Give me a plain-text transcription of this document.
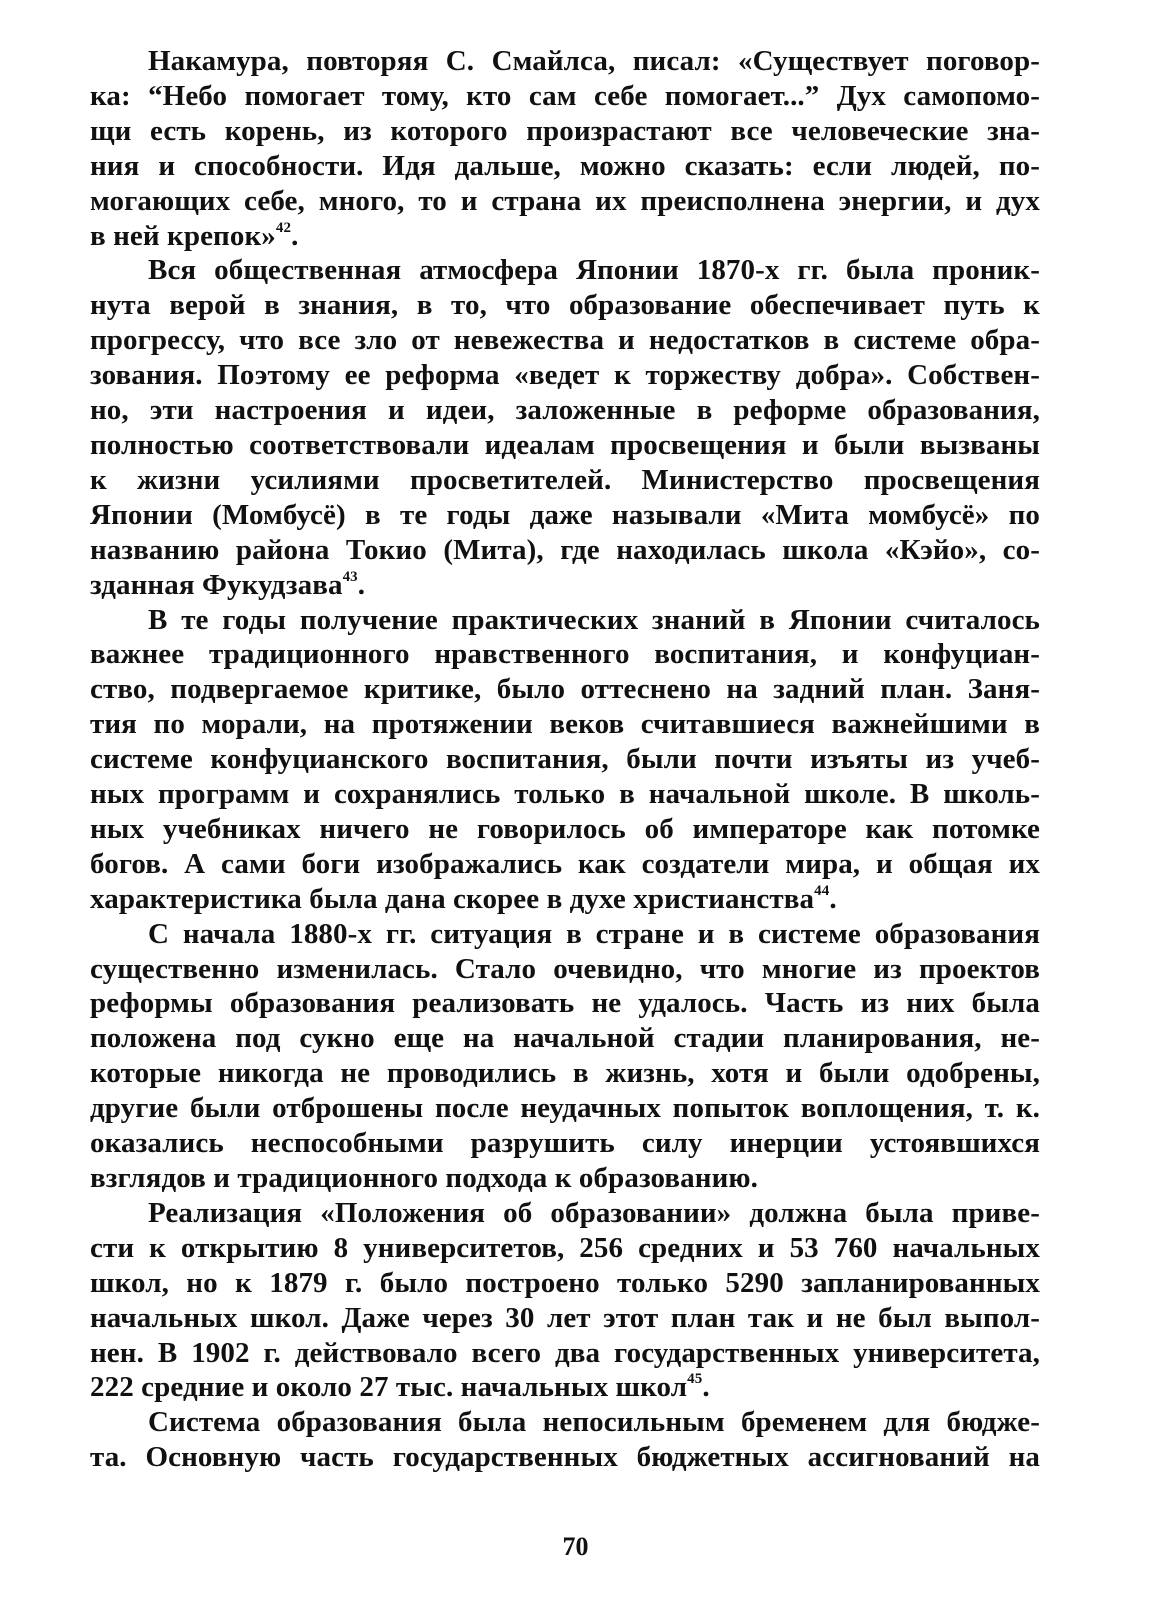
Накамура, повторяя С. Смайлса, писал: «Существует поговор-
ка: “Небо помогает тому, кто сам себе помогает...” Дух самопомо-
щи есть корень, из которого произрастают все человеческие зна-
ния и способности. Идя дальше, можно сказать: если людей, по-
могающих себе, много, то и страна их преисполнена энергии, и дух
в ней крепок»$^{42}$.
Вся общественная атмосфера Японии 1870-х гг. была проник-
нута верой в знания, в то, что образование обеспечивает путь к
прогрессу, что все зло от невежества и недостатков в системе обра-
зования. Поэтому ее реформа «ведет к торжеству добра». Собствен-
но, эти настроения и идеи, заложенные в реформе образования,
полностью соответствовали идеалам просвещения и были вызваны
к жизни усилиями просветителей. Министерство просвещения
Японии (Момбусё) в те годы даже называли «Мита момбусё» по
названию района Токио (Мита), где находилась школа «Кэйо», со-
зданная Фукудзава$^{43}$.
В те годы получение практических знаний в Японии считалось
важнее традиционного нравственного воспитания, и конфуциан-
ство, подвергаемое критике, было оттеснено на задний план. Заня-
тия по морали, на протяжении веков считавшиеся важнейшими в
системе конфуцианского воспитания, были почти изъяты из учеб-
ных программ и сохранялись только в начальной школе. В школь-
ных учебниках ничего не говорилось об императоре как потомке
богов. А сами боги изображались как создатели мира, и общая их
характеристика была дана скорее в духе христианства$^{44}$.
С начала 1880-х гг. ситуация в стране и в системе образования
существенно изменилась. Стало очевидно, что многие из проектов
реформы образования реализовать не удалось. Часть из них была
положена под сукно еще на начальной стадии планирования, не-
которые никогда не проводились в жизнь, хотя и были одобрены,
другие были отброшены после неудачных попыток воплощения, т. к.
оказались неспособными разрушить силу инерции устоявшихся
взглядов и традиционного подхода к образованию.
Реализация «Положения об образовании» должна была приве-
сти к открытию 8 университетов, 256 средних и 53 760 начальных
школ, но к 1879 г. было построено только 5290 запланированных
начальных школ. Даже через 30 лет этот план так и не был выпол-
нен. В 1902 г. действовало всего два государственных университета,
222 средние и около 27 тыс. начальных школ$^{45}$.
Система образования была непосильным бременем для бюдже-
та. Основную часть государственных бюджетных ассигнований на
70
